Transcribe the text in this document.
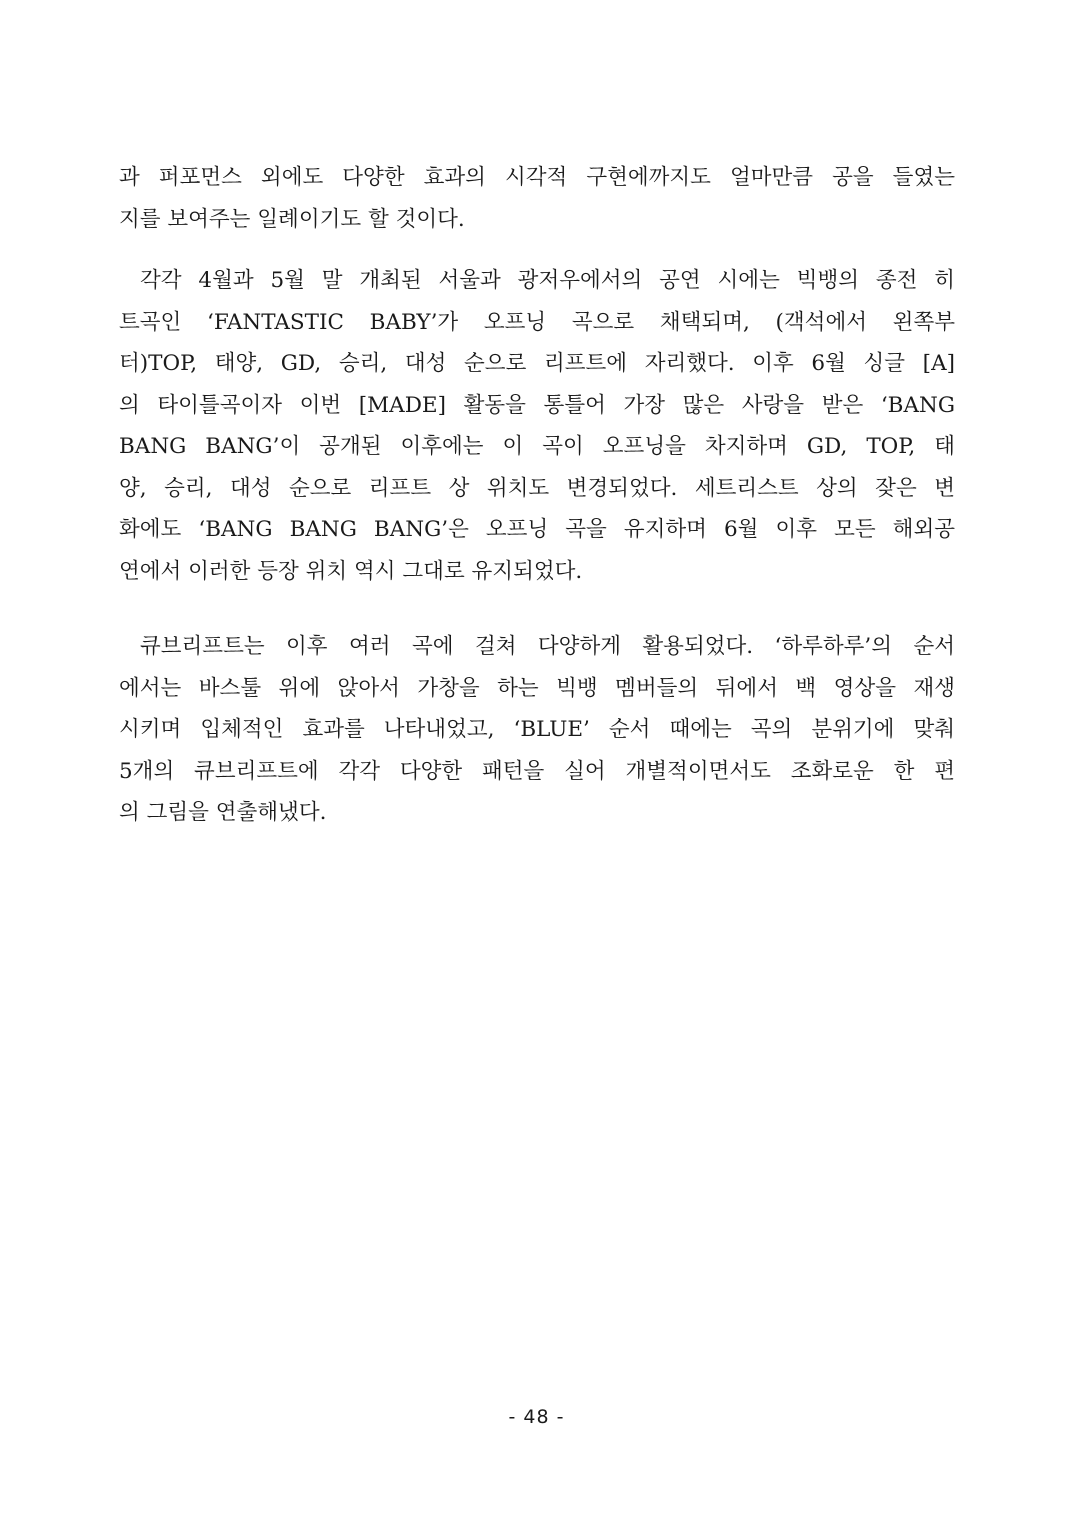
과 퍼포먼스 외에도 다양한 효과의 시각적 구현에까지도 얼마만큼 공을 들였는
지를 보여주는 일례이기도 할 것이다.
각각 4월과 5월 말 개최된 서울과 광저우에서의 공연 시에는 빅뱅의 종전 히
트곡인 ‘FANTASTIC BABY’가 오프닝 곡으로 채택되며, (객석에서 왼쪽부
터)TOP, 태양, GD, 승리, 대성 순으로 리프트에 자리했다. 이후 6월 싱글 [A]
의 타이틀곡이자 이번 [MADE] 활동을 통틀어 가장 많은 사랑을 받은 ‘BANG
BANG BANG’이 공개된 이후에는 이 곡이 오프닝을 차지하며 GD, TOP, 태
양, 승리, 대성 순으로 리프트 상 위치도 변경되었다. 세트리스트 상의 잦은 변
화에도 ‘BANG BANG BANG’은 오프닝 곡을 유지하며 6월 이후 모든 해외공
연에서 이러한 등장 위치 역시 그대로 유지되었다.
큐브리프트는 이후 여러 곡에 걸쳐 다양하게 활용되었다. ‘하루하루’의 순서
에서는 바스툴 위에 앉아서 가창을 하는 빅뱅 멤버들의 뒤에서 백 영상을 재생
시키며 입체적인 효과를 나타내었고, ‘BLUE’ 순서 때에는 곡의 분위기에 맞춰
5개의 큐브리프트에 각각 다양한 패턴을 실어 개별적이면서도 조화로운 한 편
의 그림을 연출해냈다.
- 48 -
